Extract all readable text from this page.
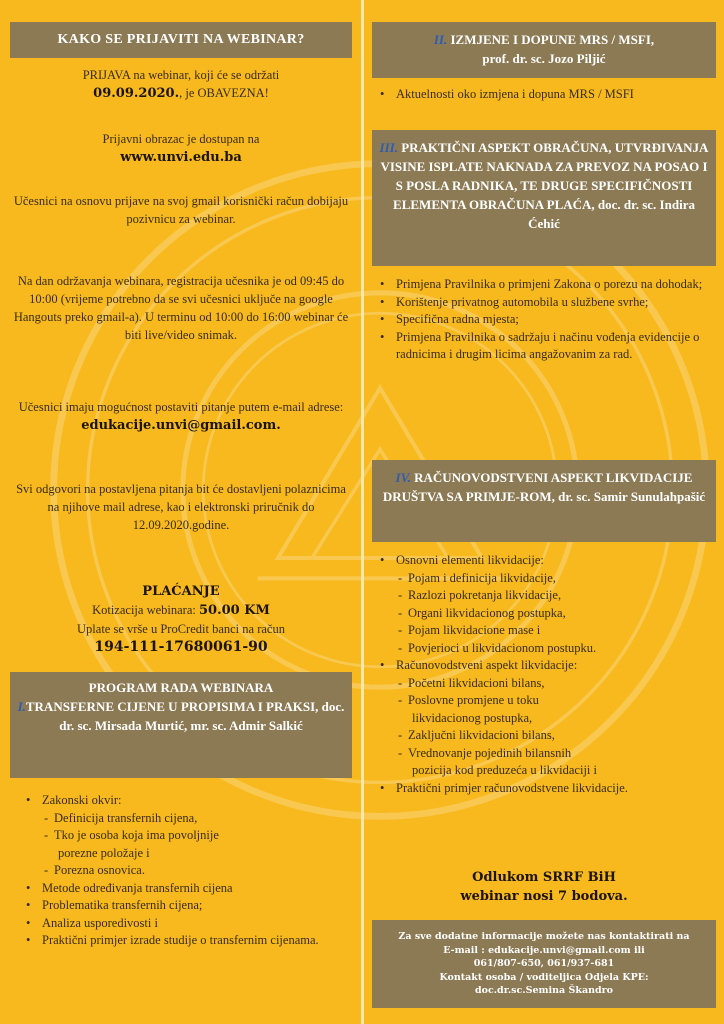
KAKO SE PRIJAVITI NA WEBINAR?
PRIJAVA na webinar, koji će se održati
09.09.2020., je OBAVEZNA!
Prijavni obrazac je dostupan na
www.unvi.edu.ba
Učesnici na osnovu prijave na svoj gmail korisnički račun dobijaju pozivnicu za webinar.
Na dan održavanja webinara, registracija učesnika je od 09:45 do 10:00 (vrijeme potrebno da se svi učesnici uključe na google Hangouts preko gmail-a). U terminu od 10:00 do 16:00 webinar će biti live/video snimak.
Učesnici imaju mogućnost postaviti pitanje putem e-mail adrese:
edukacije.unvi@gmail.com.
Svi odgovori na postavljena pitanja bit će dostavljeni polaznicima na njihove mail adrese, kao i elektronski priručnik do 12.09.2020.godine.
PLAĆANJE
Kotizacija webinara: 50.00 KM
Uplate se vrše u ProCredit banci na račun
194-111-17680061-90
PROGRAM RADA WEBINARA
I.TRANSFERNE CIJENE U PROPISIMA I PRAKSI, doc. dr. sc. Mirsada Murtić, mr. sc. Admir Salkić
• Zakonski okvir:
- Definicija transfernih cijena,
- Tko je osoba koja ima povoljnije
porezne položaje i
- Porezna osnovica.
• Metode određivanja transfernih cijena
• Problematika transfernih cijena;
• Analiza usporedivosti i
• Praktični primjer izrade studije o transfernim cijenama.
II. IZMJENE I DOPUNE MRS / MSFI,
prof. dr. sc. Jozo Piljić
• Aktuelnosti oko izmjena i dopuna MRS / MSFI
III. PRAKTIČNI ASPEKT OBRAČUNA, UTVRĐIVANJA VISINE ISPLATE NAKNADA ZA PREVOZ NA POSAO I S POSLA RADNIKA, TE DRUGE SPECIFIČNOSTI ELEMENTA OBRAČUNA PLAĆA, doc. dr. sc. Indira Ćehić
• Primjena Pravilnika o primjeni Zakona o porezu na dohodak;
• Korištenje privatnog automobila u službene svrhe;
• Specifična radna mjesta;
• Primjena Pravilnika o sadržaju i načinu vođenja evidencije o radnicima i drugim licima angažovanim za rad.
IV. RAČUNOVODSTVENI ASPEKT LIKVIDACIJE DRUŠTVA SA PRIMJE-ROM, dr. sc. Samir Sunulahpašić
• Osnovni elementi likvidacije:
- Pojam i definicija likvidacije,
- Razlozi pokretanja likvidacije,
- Organi likvidacionog postupka,
- Pojam likvidacione mase i
- Povjerioci u likvidacionom postupku.
• Računovodstveni aspekt likvidacije:
- Početni likvidacioni bilans,
- Poslovne promjene u toku
likvidacionog postupka,
- Zaključni likvidacioni bilans,
- Vrednovanje pojedinih bilansnih
pozicija kod preduzeća u likvidaciji i
• Praktični primjer računovodstvene likvidacije.
Odlukom SRRF BiH
webinar nosi 7 bodova.
Za sve dodatne informacije možete nas kontaktirati na
E-mail : edukacije.unvi@gmail.com ili
061/807-650, 061/937-681
Kontakt osoba / voditeljica Odjela KPE:
doc.dr.sc.Semina Škandro
